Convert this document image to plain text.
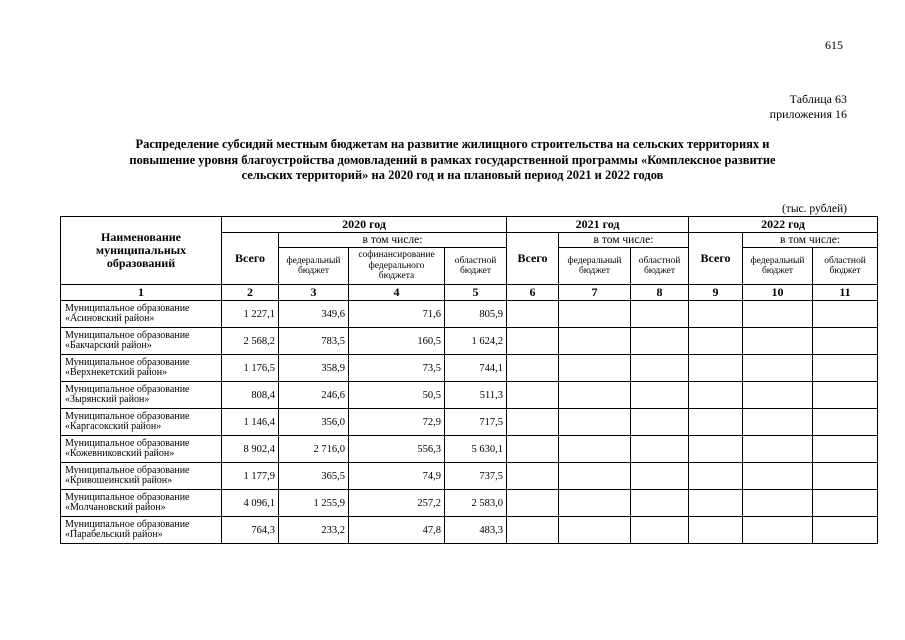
615
Таблица 63
приложения 16
Распределение субсидий местным бюджетам на развитие жилищного строительства на сельских территориях и
повышение уровня благоустройства домовладений в рамках государственной программы «Комплексное развитие
сельских территорий» на 2020 год и на плановый период 2021 и 2022 годов
(тыс. рублей)
Наименование муниципальных образований	2020 год				2021 год			2022 год		
	Всего	в том числе:			Всего	в том числе:		Всего	в том числе:	
		федеральный бюджет	софинансирование федерального бюджета	областной бюджет		федеральный бюджет	областной бюджет		федеральный бюджет	областной бюджет
1	2	3	4	5	6	7	8	9	10	11
Муниципальное образование «Асиновский район»	1 227,1	349,6	71,6	805,9						
Муниципальное образование «Бакчарский район»	2 568,2	783,5	160,5	1 624,2						
Муниципальное образование «Верхнекетский район»	1 176,5	358,9	73,5	744,1						
Муниципальное образование «Зырянский район»	808,4	246,6	50,5	511,3						
Муниципальное образование «Каргасокский район»	1 146,4	356,0	72,9	717,5						
Муниципальное образование «Кожевниковский район»	8 902,4	2 716,0	556,3	5 630,1						
Муниципальное образование «Кривошеинский район»	1 177,9	365,5	74,9	737,5						
Муниципальное образование «Молчановский район»	4 096,1	1 255,9	257,2	2 583,0						
Муниципальное образование «Парабельский район»	764,3	233,2	47,8	483,3						
